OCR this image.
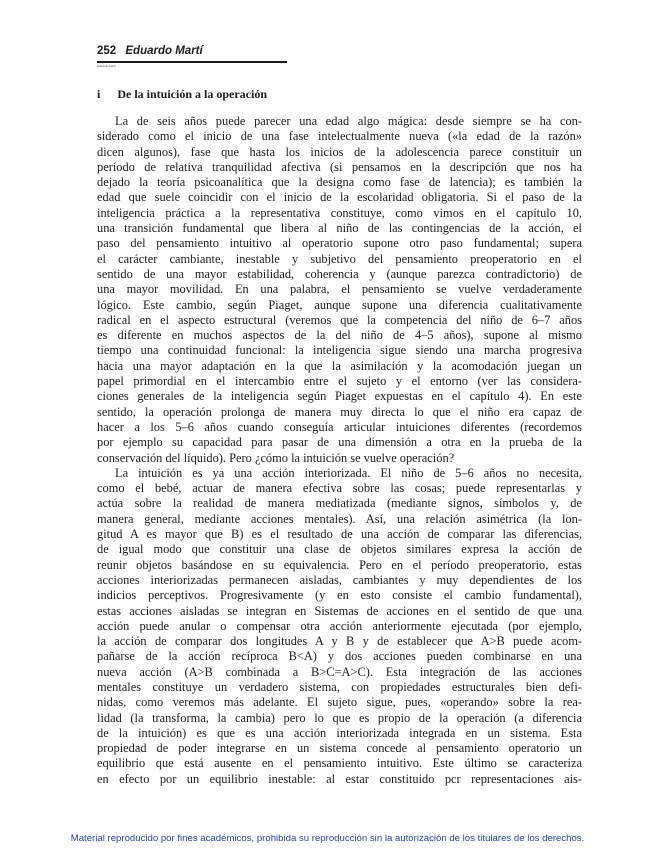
252 Eduardo Martí
Eduardo Martí
i De la intuición a la operación
La de seis años puede parecer una edad algo mágica: desde siempre se ha con-
siderado como el inicio de una fase intelectualmente nueva («la edad de la razón»
dicen algunos), fase que hasta los inicios de la adolescencia parece constituir un
período de relativa tranquilidad afectiva (si pensamos en la descripción que nos ha
dejado la teoría psicoanalítica que la designa como fase de latencia); es también la
edad que suele coincidir con el inicio de la escolaridad obligatoria. Si el paso de la
inteligencia práctica a la representativa constituye, como vimos en el capítulo 10,
una transición fundamental que libera al niño de las contingencias de la acción, el
paso del pensamiento intuitivo al operatorio supone otro paso fundamental; supera
el carácter cambiante, inestable y subjetivo del pensamiento preoperatorio en el
sentido de una mayor estabilidad, coherencia y (aunque parezca contradictorio) de
una mayor movilidad. En una palabra, el pensamiento se vuelve verdaderamente
lógico. Este cambio, según Piaget, aunque supone una diferencia cualitativamente
radical en el aspecto estructural (veremos que la competencia del niño de 6–7 años
es diferente en muchos aspectos de la del niño de 4–5 años), supone al mismo
tiempo una continuidad funcional: la inteligencia sigue siendo una marcha progresiva
hacia una mayor adaptación en la que la asimilación y la acomodación juegan un
papel primordial en el intercambio entre el sujeto y el entorno (ver las considera-
ciones generales de la inteligencia según Piaget expuestas en el capítulo 4). En este
sentido, la operación prolonga de manera muy directa lo que el niño era capaz de
hacer a los 5–6 años cuando conseguía articular intuiciones diferentes (recordemos
por ejemplo su capacidad para pasar de una dimensión a otra en la prueba de la
conservación del líquido). Pero ¿cómo la intuición se vuelve operación?
La intuición es ya una acción interiorizada. El niño de 5–6 años no necesita,
como el bebé, actuar de manera efectiva sobre las cosas; puede representarlas y
actúa sobre la realidad de manera mediatizada (mediante signos, símbolos y, de
manera general, mediante acciones mentales). Así, una relación asimétrica (la lon-
gitud A es mayor que B) es el resultado de una acción de comparar las diferencias,
de igual modo que constituir una clase de objetos similares expresa la acción de
reunir objetos basándose en su equivalencia. Pero en el período preoperatorio, estas
acciones interiorizadas permanecen aisladas, cambiantes y muy dependientes de los
indicios perceptivos. Progresivamente (y en esto consiste el cambio fundamental),
estas acciones aisladas se integran en Sistemas de acciones en el sentido de que una
acción puede anular o compensar otra acción anteriormente ejecutada (por ejemplo,
la acción de comparar dos longitudes A y B y de establecer que A>B puede acom-
pañarse de la acción recíproca B<A) y dos acciones pueden combinarse en una
nueva acción (A>B combinada a B>C=A>C). Esta integración de las acciones
mentales constituye un verdadero sistema, con propiedades estructurales bien defi-
nidas, como veremos más adelante. El sujeto sigue, pues, «operando» sobre la rea-
lidad (la transforma, la cambia) pero lo que es propio de la operación (a diferencia
de la intuición) es que es una acción interiorizada integrada en un sistema. Esta
propiedad de poder integrarse en un sistema concede al pensamiento operatorio un
equilibrio que está ausente en el pensamiento intuitivo. Este último se caracteriza
en efecto por un equilibrio inestable: al estar constituido pcr representaciones ais-
Material reproducido por fines académicos, prohibida su reproducción sin la autorización de los titulares de los derechos.
